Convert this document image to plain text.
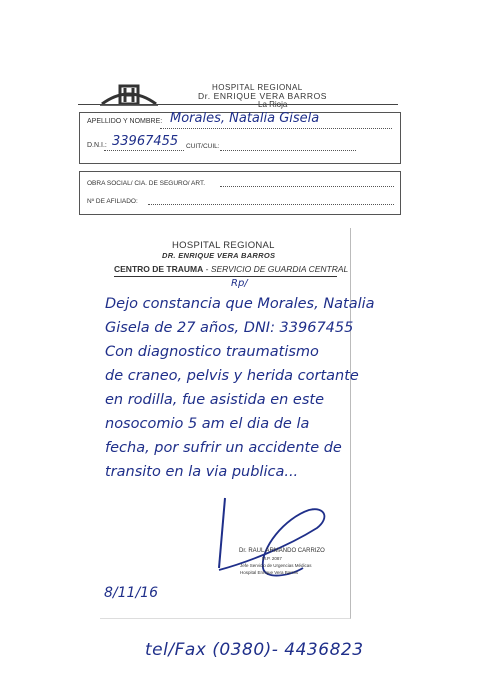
HOSPITAL REGIONAL
Dr. ENRIQUE VERA BARROS
La Rioja
APELLIDO Y NOMBRE: Morales, Natalia Gisela
D.N.I.: 33967455 CUIT/CUIL:
OBRA SOCIAL/ CIA. DE SEGURO/ ART.
Nº DE AFILIADO:
HOSPITAL REGIONAL
DR. ENRIQUE VERA BARROS
CENTRO DE TRAUMA - SERVICIO DE GUARDIA CENTRAL
Rp/
Dejo constancia que Morales, Natalia
Gisela de 27 años, DNI: 33967455
Con diagnostico traumatismo
de craneo, pelvis y herida cortante
en rodilla, fue asistida en este
nosocomio 5 am el dia de la
fecha, por sufrir un accidente de
transito en la via publica...
Dr. RAUL ARMANDO CARRIZO
M.P. 2087
Jefe Servicio de Urgencias Médicas
Hospital Enrique Vera Barros
8/11/16
tel/Fax (0380)- 4436823
